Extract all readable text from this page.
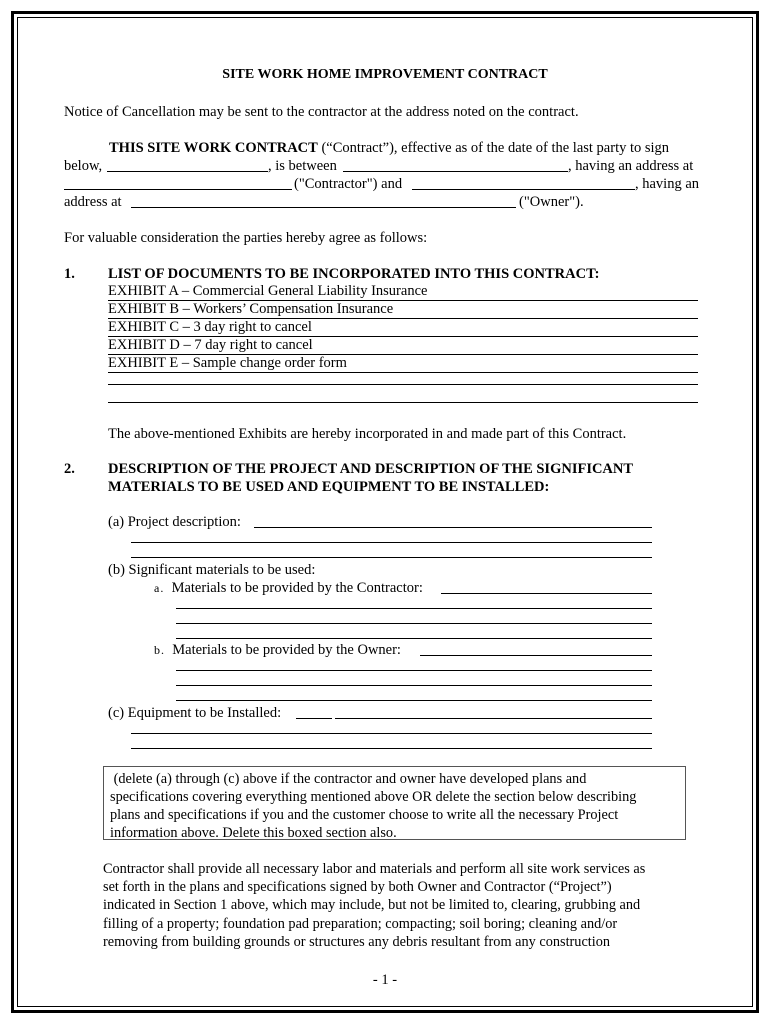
SITE WORK HOME IMPROVEMENT CONTRACT
Notice of Cancellation may be sent to the contractor at the address noted on the contract.
THIS SITE WORK CONTRACT (“Contract”), effective as of the date of the last party to sign
below,	, is between	, having an address at
("Contractor") and	, having an
address at	("Owner").
For valuable consideration the parties hereby agree as follows:
1. LIST OF DOCUMENTS TO BE INCORPORATED INTO THIS CONTRACT:
EXHIBIT A – Commercial General Liability Insurance
EXHIBIT B – Workers’ Compensation Insurance
EXHIBIT C – 3 day right to cancel
EXHIBIT D – 7 day right to cancel
EXHIBIT E – Sample change order form
The above-mentioned Exhibits are hereby incorporated in and made part of this Contract.
2. DESCRIPTION OF THE PROJECT AND DESCRIPTION OF THE SIGNIFICANT
MATERIALS TO BE USED AND EQUIPMENT TO BE INSTALLED:
(a) Project description:
(b) Significant materials to be used:
a. Materials to be provided by the Contractor:
b. Materials to be provided by the Owner:
(c) Equipment to be Installed:
(delete (a) through (c) above if the contractor and owner have developed plans and
specifications covering everything mentioned above OR delete the section below describing
plans and specifications if you and the customer choose to write all the necessary Project
information above. Delete this boxed section also.
Contractor shall provide all necessary labor and materials and perform all site work services as
set forth in the plans and specifications signed by both Owner and Contractor (“Project”)
indicated in Section 1 above, which may include, but not be limited to, clearing, grubbing and
filling of a property; foundation pad preparation; compacting; soil boring; cleaning and/or
removing from building grounds or structures any debris resultant from any construction
- 1 -
